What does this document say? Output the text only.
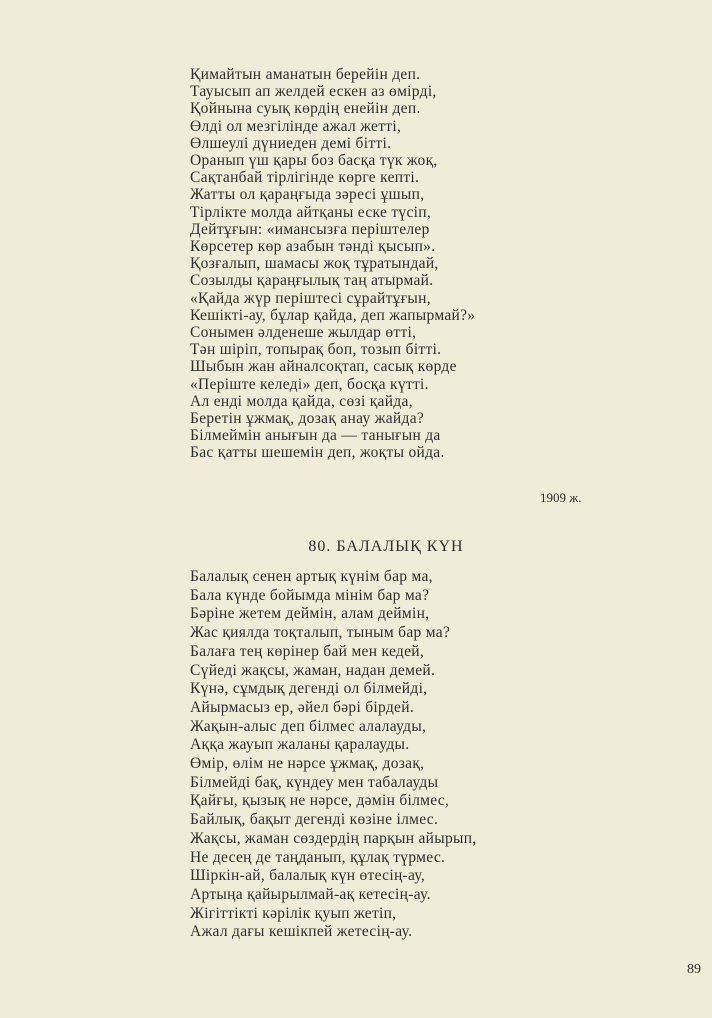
Қимайтын аманатын берейін деп.
Тауысып ап желдей ескен аз өмірді,
Қойнына суық көрдің енейін деп.
Өлді ол мезгілінде ажал жетті,
Өлшеулі дүниеден демі бітті.
Оранып үш қары боз басқа түк жоқ,
Сақтанбай тірлігінде көрге кепті.
Жатты ол қараңғыда зәресі ұшып,
Тірлікте молда айтқаны еске түсіп,
Дейтұғын: «имансызға періштелер
Көрсетер көр азабын тәнді қысып».
Қозғалып, шамасы жоқ тұратындай,
Созылды қараңғылық таң атырмай.
«Қайда жүр періштесі сұрайтұғын,
Кешікті-ау, бұлар қайда, деп жапырмай?»
Сонымен әлденеше жылдар өтті,
Тән шіріп, топырақ боп, тозып бітті.
Шыбын жан айналсоқтап, сасық көрде
«Періште келеді» деп, босқа күтті.
Ал енді молда қайда, сөзі қайда,
Беретін ұжмақ, дозақ анау жайда?
Білмеймін анығын да — танығын да
Бас қатты шешемін деп, жоқты ойда.
1909 ж.
80. БАЛАЛЫҚ КҮН
Балалық сенен артық күнім бар ма,
Бала күнде бойымда мінім бар ма?
Бәріне жетем деймін, алам деймін,
Жас қиялда тоқталып, тыным бар ма?
Балаға тең көрінер бай мен кедей,
Сүйеді жақсы, жаман, надан демей.
Күнә, сұмдық дегенді ол білмейді,
Айырмасыз ер, әйел бәрі бірдей.
Жақын-алыс деп білмес алалауды,
Аққа жауып жаланы қаралауды.
Өмір, өлім не нәрсе ұжмақ, дозақ,
Білмейді бақ, күндеу мен табалауды
Қайғы, қызық не нәрсе, дәмін білмес,
Байлық, бақыт дегенді көзіне ілмес.
Жақсы, жаман сөздердің парқын айырып,
Не десең де таңданып, құлақ түрмес.
Шіркін-ай, балалық күн өтесің-ау,
Артыңа қайырылмай-ақ кетесің-ау.
Жігіттікті кәрілік қуып жетіп,
Ажал дағы кешікпей жетесің-ау.
89
